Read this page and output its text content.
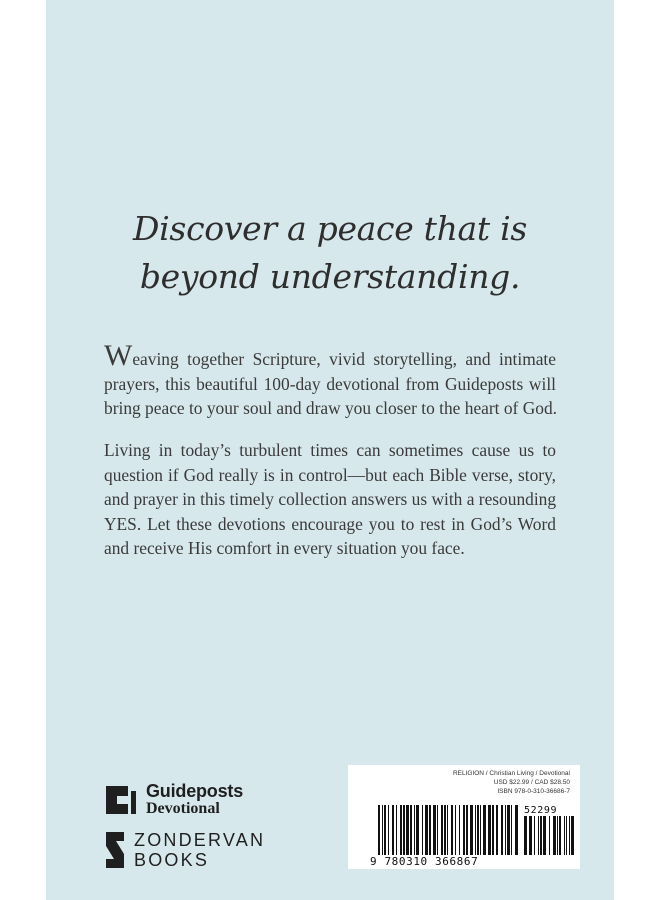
Discover a peace that is
beyond understanding.
Weaving together Scripture, vivid storytelling, and intimate
prayers, this beautiful 100-day devotional from Guideposts will
bring peace to your soul and draw you closer to the heart of God.
Living in today’s turbulent times can sometimes cause us to
question if God really is in control—but each Bible verse, story,
and prayer in this timely collection answers us with a resounding
YES. Let these devotions encourage you to rest in God’s Word
and receive His comfort in every situation you face.
Guideposts
Devotional
ZONDERVAN
BOOKS
RELIGION / Christian Living / Devotional
USD $22.99 / CAD $28.50
ISBN 978-0-310-36686-7
9 780310 366867
52299
